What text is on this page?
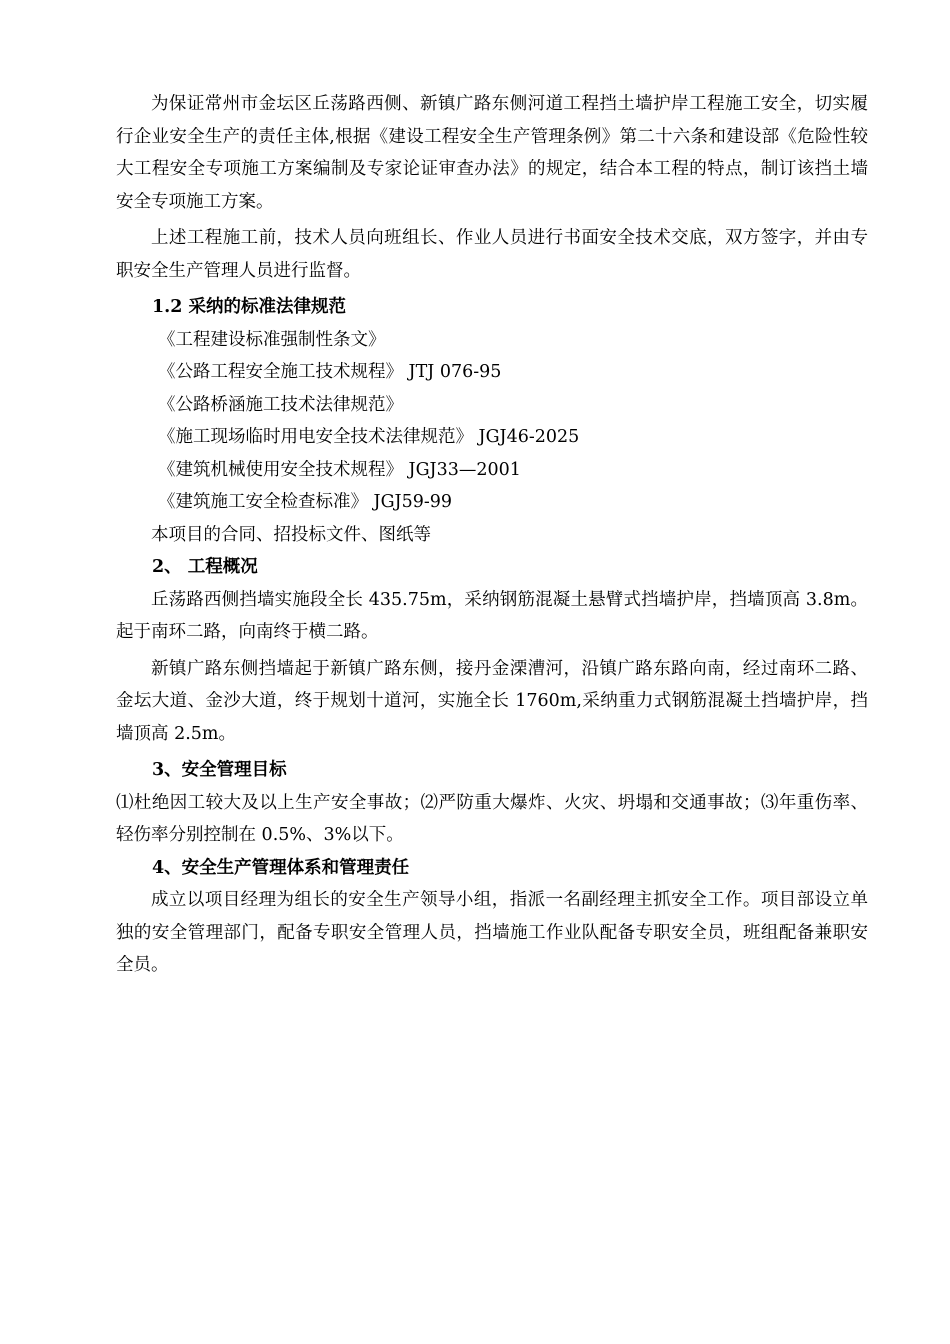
为保证常州市金坛区丘荡路西侧、新镇广路东侧河道工程挡土墙护岸工程施工安全，切实履行企业安全生产的责任主体,根据《建设工程安全生产管理条例》第二十六条和建设部《危险性较大工程安全专项施工方案编制及专家论证审查办法》的规定，结合本工程的特点，制订该挡土墙安全专项施工方案。

上述工程施工前，技术人员向班组长、作业人员进行书面安全技术交底，双方签字，并由专职安全生产管理人员进行监督。

1.2 采纳的标准法律规范

《工程建设标准强制性条文》

《公路工程安全施工技术规程》 JTJ 076-95

《公路桥涵施工技术法律规范》

《施工现场临时用电安全技术法律规范》 JGJ46-2025

《建筑机械使用安全技术规程》 JGJ33—2001

《建筑施工安全检查标准》 JGJ59-99

本项目的合同、招投标文件、图纸等

2、 工程概况

丘荡路西侧挡墙实施段全长 435.75m，采纳钢筋混凝土悬臂式挡墙护岸，挡墙顶高 3.8m。起于南环二路，向南终于横二路。

新镇广路东侧挡墙起于新镇广路东侧，接丹金溧漕河，沿镇广路东路向南，经过南环二路、金坛大道、金沙大道，终于规划十道河，实施全长 1760m,采纳重力式钢筋混凝土挡墙护岸，挡墙顶高 2.5m。

3、安全管理目标

⑴杜绝因工较大及以上生产安全事故；⑵严防重大爆炸、火灾、坍塌和交通事故；⑶年重伤率、轻伤率分别控制在 0.5%、3%以下。

4、安全生产管理体系和管理责任

成立以项目经理为组长的安全生产领导小组，指派一名副经理主抓安全工作。项目部设立单独的安全管理部门，配备专职安全管理人员，挡墙施工作业队配备专职安全员，班组配备兼职安全员。
